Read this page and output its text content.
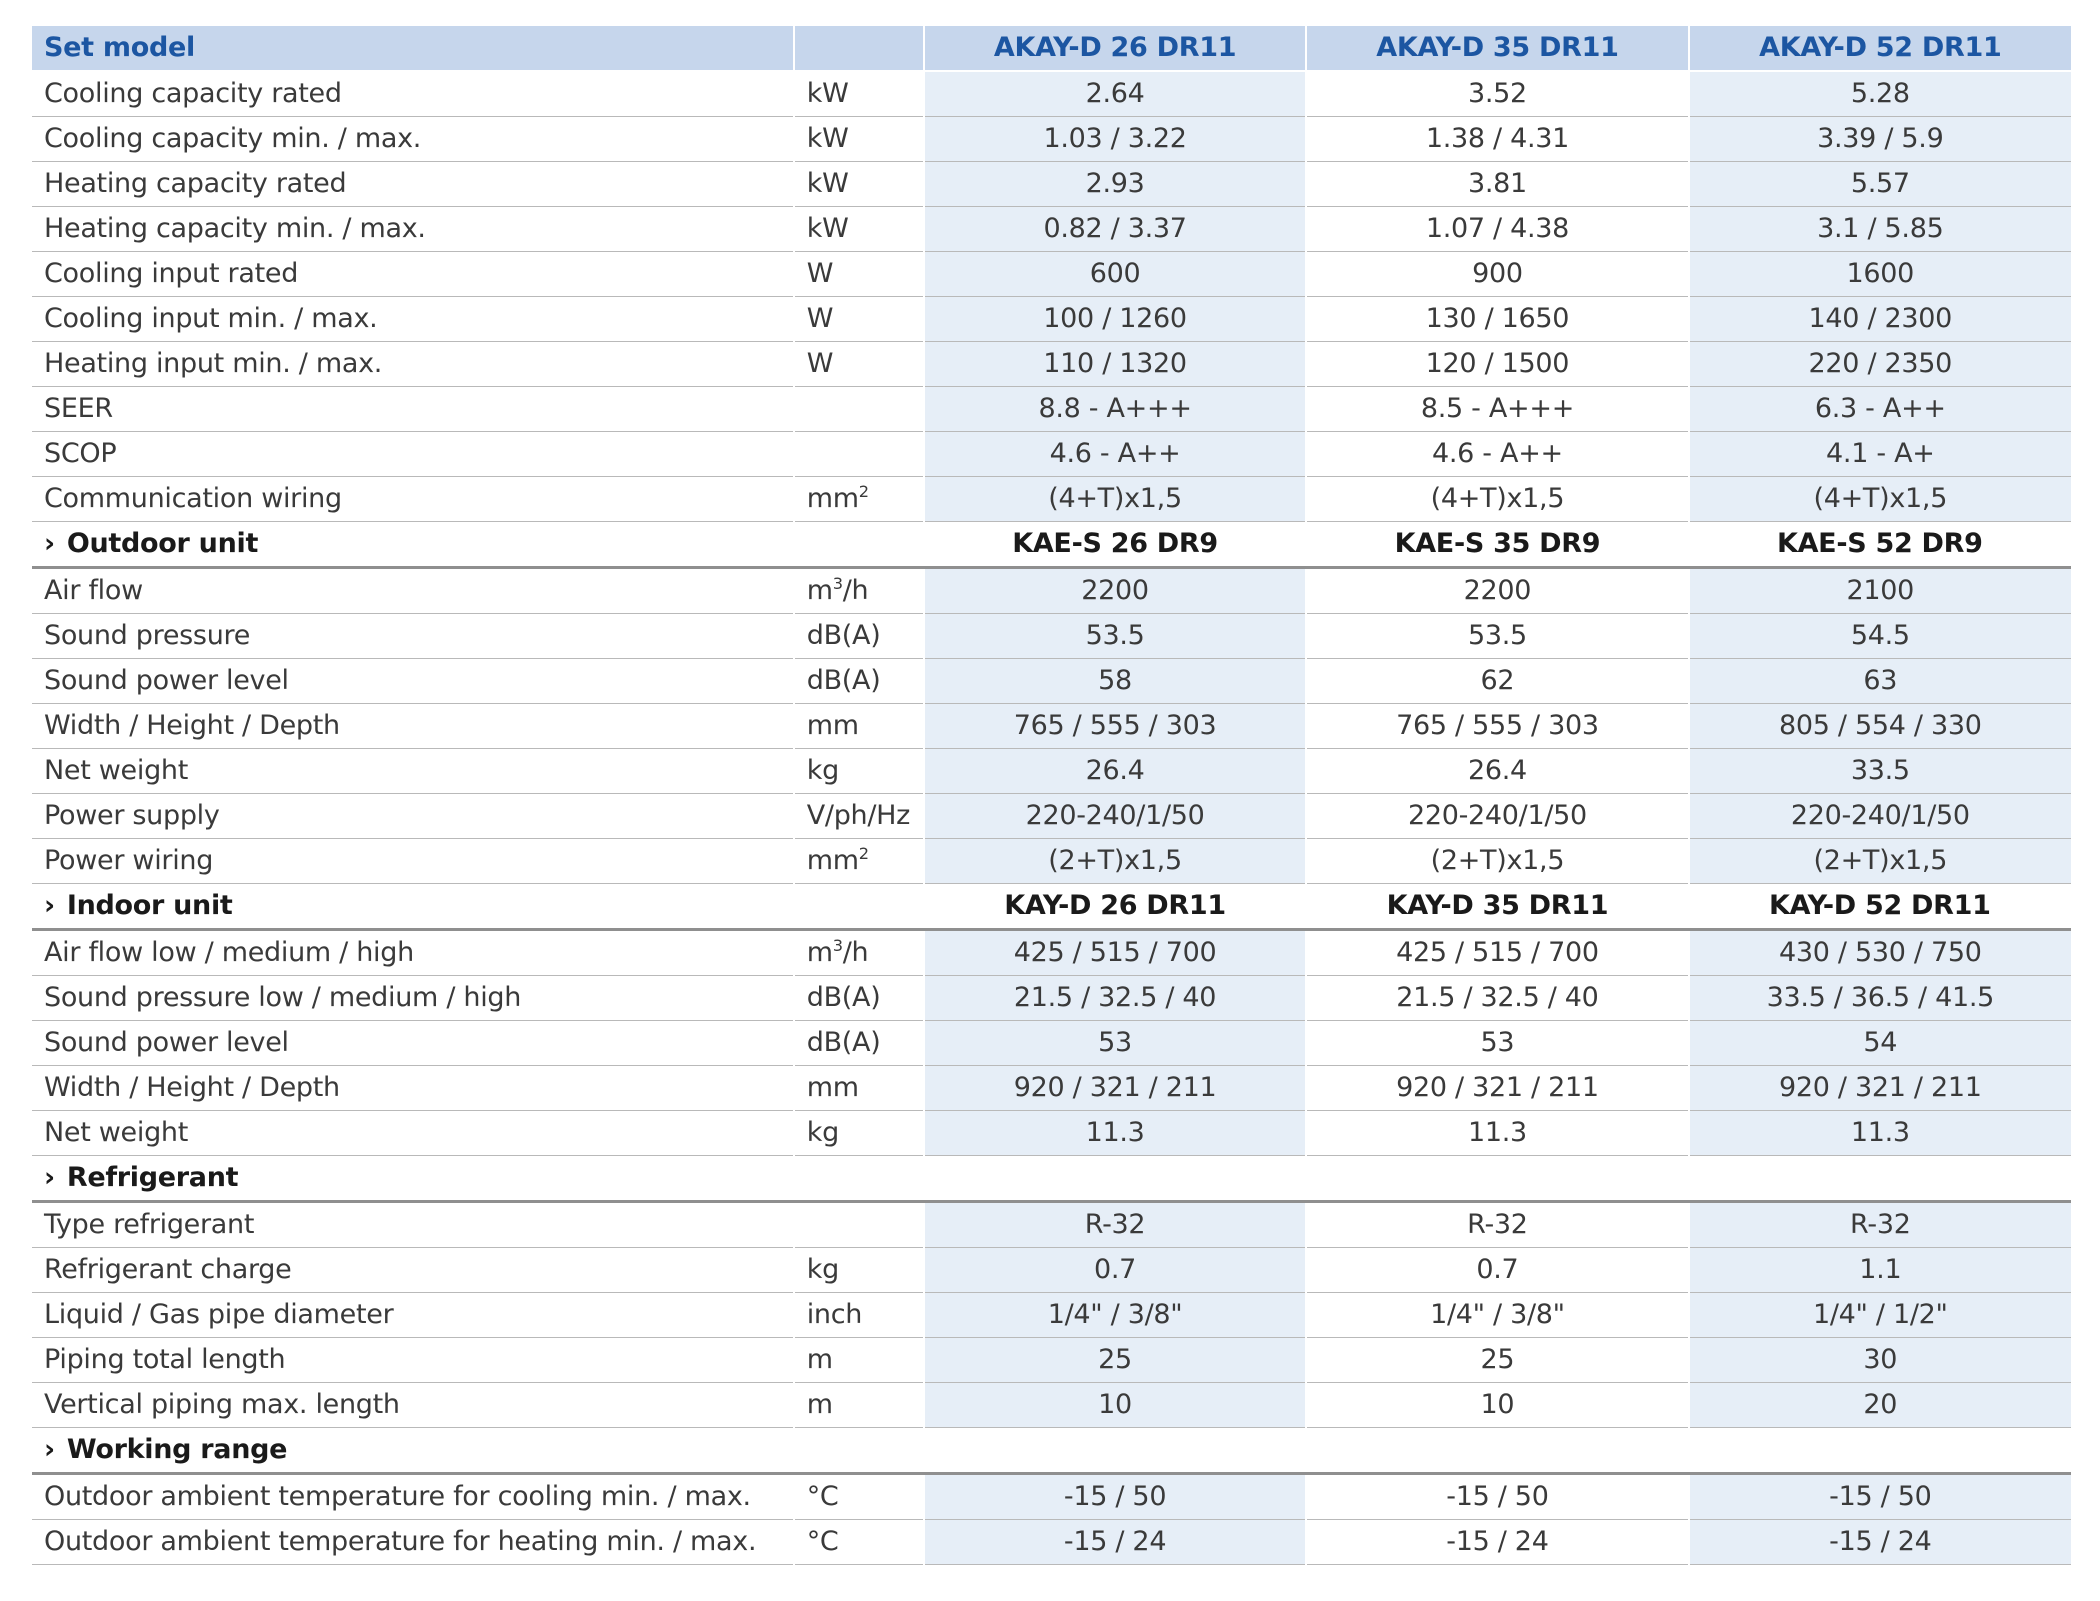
Set model		AKAY-D 26 DR11	AKAY-D 35 DR11	AKAY-D 52 DR11
Cooling capacity rated	kW	2.64	3.52	5.28
Cooling capacity min. / max.	kW	1.03 / 3.22	1.38 / 4.31	3.39 / 5.9
Heating capacity rated	kW	2.93	3.81	5.57
Heating capacity min. / max.	kW	0.82 / 3.37	1.07 / 4.38	3.1 / 5.85
Cooling input rated	W	600	900	1600
Cooling input min. / max.	W	100 / 1260	130 / 1650	140 / 2300
Heating input min. / max.	W	110 / 1320	120 / 1500	220 / 2350
SEER		8.8 - A+++	8.5 - A+++	6.3 - A++
SCOP		4.6 - A++	4.6 - A++	4.1 - A+
Communication wiring	$mm^2$	(4+T)x1,5	(4+T)x1,5	(4+T)x1,5
› Outdoor unit		KAE-S 26 DR9	KAE-S 35 DR9	KAE-S 52 DR9
Air flow	$m^3/h$	2200	2200	2100
Sound pressure	dB(A)	53.5	53.5	54.5
Sound power level	dB(A)	58	62	63
Width / Height / Depth	mm	765 / 555 / 303	765 / 555 / 303	805 / 554 / 330
Net weight	kg	26.4	26.4	33.5
Power supply	V/ph/Hz	220-240/1/50	220-240/1/50	220-240/1/50
Power wiring	$mm^2$	(2+T)x1,5	(2+T)x1,5	(2+T)x1,5
› Indoor unit		KAY-D 26 DR11	KAY-D 35 DR11	KAY-D 52 DR11
Air flow low / medium / high	$m^3/h$	425 / 515 / 700	425 / 515 / 700	430 / 530 / 750
Sound pressure low / medium / high	dB(A)	21.5 / 32.5 / 40	21.5 / 32.5 / 40	33.5 / 36.5 / 41.5
Sound power level	dB(A)	53	53	54
Width / Height / Depth	mm	920 / 321 / 211	920 / 321 / 211	920 / 321 / 211
Net weight	kg	11.3	11.3	11.3
› Refrigerant				
Type refrigerant		R-32	R-32	R-32
Refrigerant charge	kg	0.7	0.7	1.1
Liquid / Gas pipe diameter	inch	1/4" / 3/8"	1/4" / 3/8"	1/4" / 1/2"
Piping total length	m	25	25	30
Vertical piping max. length	m	10	10	20
› Working range				
Outdoor ambient temperature for cooling min. / max.	°C	-15 / 50	-15 / 50	-15 / 50
Outdoor ambient temperature for heating min. / max.	°C	-15 / 24	-15 / 24	-15 / 24
